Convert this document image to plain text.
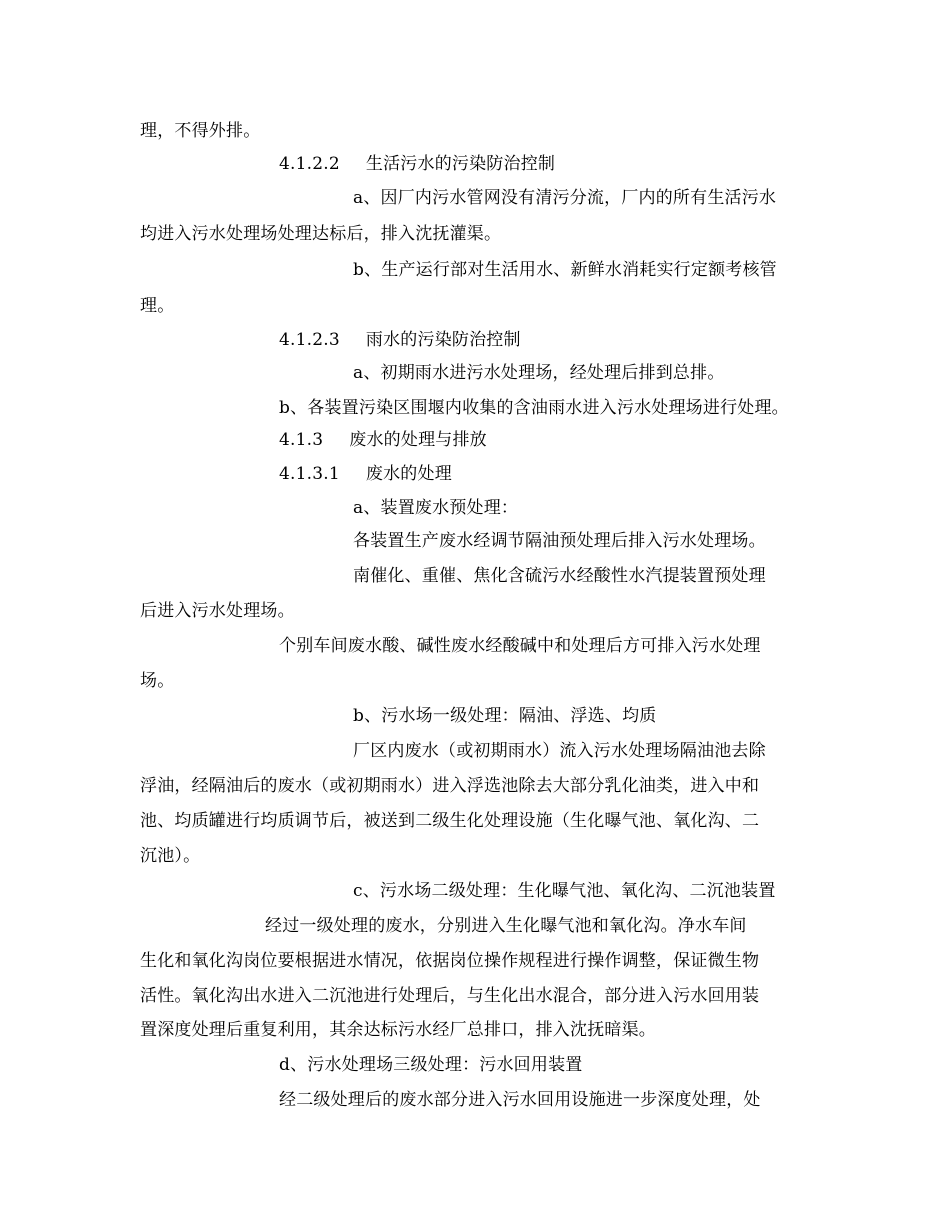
理，不得外排。
4.1.2.2 生活污水的污染防治控制
a、因厂内污水管网没有清污分流，厂内的所有生活污水
均进入污水处理场处理达标后，排入沈抚灌渠。
b、生产运行部对生活用水、新鲜水消耗实行定额考核管
理。
4.1.2.3 雨水的污染防治控制
a、初期雨水进污水处理场，经处理后排到总排。
b、各装置污染区围堰内收集的含油雨水进入污水处理场进行处理。
4.1.3 废水的处理与排放
4.1.3.1 废水的处理
a、装置废水预处理：
各装置生产废水经调节隔油预处理后排入污水处理场。
南催化、重催、焦化含硫污水经酸性水汽提装置预处理
后进入污水处理场。
个别车间废水酸、碱性废水经酸碱中和处理后方可排入污水处理
场。
b、污水场一级处理：隔油、浮选、均质
厂区内废水（或初期雨水）流入污水处理场隔油池去除
浮油，经隔油后的废水（或初期雨水）进入浮选池除去大部分乳化油类，进入中和
池、均质罐进行均质调节后，被送到二级生化处理设施（生化曝气池、氧化沟、二
沉池）。
c、污水场二级处理：生化曝气池、氧化沟、二沉池装置
经过一级处理的废水，分别进入生化曝气池和氧化沟。净水车间
生化和氧化沟岗位要根据进水情况，依据岗位操作规程进行操作调整，保证微生物
活性。氧化沟出水进入二沉池进行处理后，与生化出水混合，部分进入污水回用装
置深度处理后重复利用，其余达标污水经厂总排口，排入沈抚暗渠。
d、污水处理场三级处理：污水回用装置
经二级处理后的废水部分进入污水回用设施进一步深度处理，处
